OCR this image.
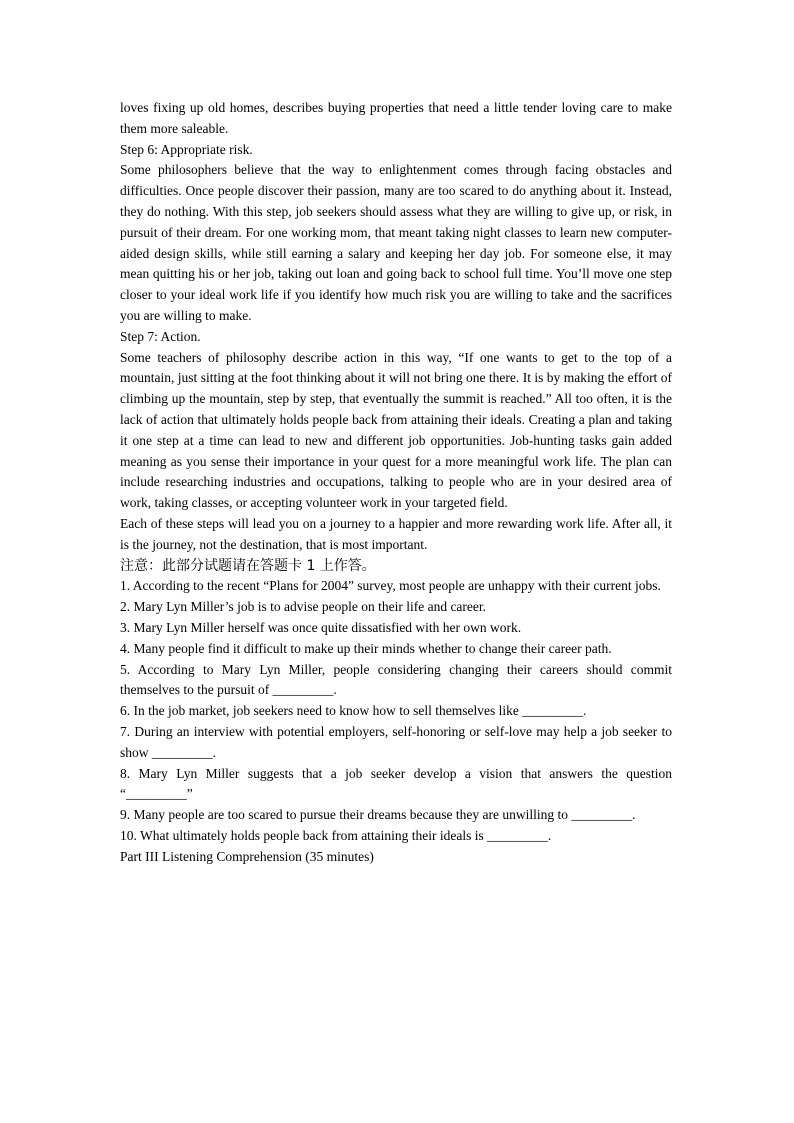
loves fixing up old homes, describes buying properties that need a little tender loving care to make them more saleable.

Step 6: Appropriate risk.

Some philosophers believe that the way to enlightenment comes through facing obstacles and difficulties. Once people discover their passion, many are too scared to do anything about it. Instead, they do nothing. With this step, job seekers should assess what they are willing to give up, or risk, in pursuit of their dream. For one working mom, that meant taking night classes to learn new computer-aided design skills, while still earning a salary and keeping her day job. For someone else, it may mean quitting his or her job, taking out loan and going back to school full time. You’ll move one step closer to your ideal work life if you identify how much risk you are willing to take and the sacrifices you are willing to make.

Step 7: Action.

Some teachers of philosophy describe action in this way, “If one wants to get to the top of a mountain, just sitting at the foot thinking about it will not bring one there. It is by making the effort of climbing up the mountain, step by step, that eventually the summit is reached.” All too often, it is the lack of action that ultimately holds people back from attaining their ideals. Creating a plan and taking it one step at a time can lead to new and different job opportunities. Job-hunting tasks gain added meaning as you sense their importance in your quest for a more meaningful work life. The plan can include researching industries and occupations, talking to people who are in your desired area of work, taking classes, or accepting volunteer work in your targeted field.

Each of these steps will lead you on a journey to a happier and more rewarding work life. After all, it is the journey, not the destination, that is most important.

注意：此部分试题请在答题卡 1 上作答。

1. According to the recent “Plans for 2004” survey, most people are unhappy with their current jobs.

2. Mary Lyn Miller’s job is to advise people on their life and career.

3. Mary Lyn Miller herself was once quite dissatisfied with her own work.

4. Many people find it difficult to make up their minds whether to change their career path.

5. According to Mary Lyn Miller, people considering changing their careers should commit themselves to the pursuit of _________.

6. In the job market, job seekers need to know how to sell themselves like _________.

7. During an interview with potential employers, self-honoring or self-love may help a job seeker to show _________.

8. Mary Lyn Miller suggests that a job seeker develop a vision that answers the question “_________”

9. Many people are too scared to pursue their dreams because they are unwilling to _________.

10. What ultimately holds people back from attaining their ideals is _________.

Part III Listening Comprehension (35 minutes)
